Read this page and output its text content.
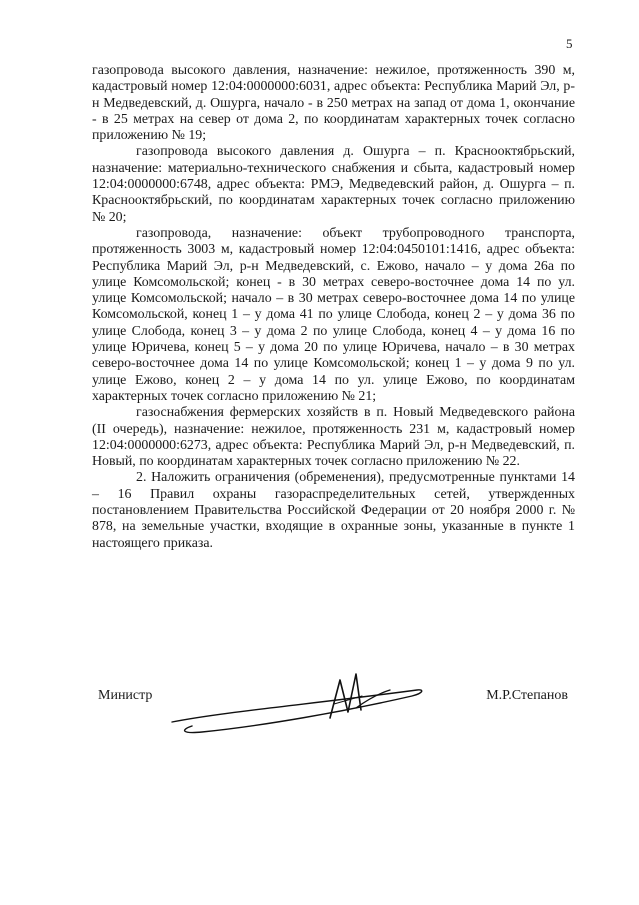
5

газопровода высокого давления, назначение: нежилое, протяженность 390 м, кадастровый номер 12:04:0000000:6031, адрес объекта: Республика Марий Эл, р-н Медведевский, д. Ошурга, начало - в 250 метрах на запад от дома 1, окончание - в 25 метрах на север от дома 2, по координатам характерных точек согласно приложению № 19;

газопровода высокого давления д. Ошурга – п. Краснооктябрьский, назначение: материально-технического снабжения и сбыта, кадастровый номер 12:04:0000000:6748, адрес объекта: РМЭ, Медведевский район, д. Ошурга – п. Краснооктябрьский, по координатам характерных точек согласно приложению № 20;

газопровода, назначение: объект трубопроводного транспорта, протяженность 3003 м, кадастровый номер 12:04:0450101:1416, адрес объекта: Республика Марий Эл, р-н Медведевский, с. Ежово, начало – у дома 26а по улице Комсомольской; конец - в 30 метрах северо-восточнее дома 14 по ул. улице Комсомольской; начало – в 30 метрах северо-восточнее дома 14 по улице Комсомольской, конец 1 – у дома 41 по улице Слобода, конец 2 – у дома 36 по улице Слобода, конец 3 – у дома 2 по улице Слобода, конец 4 – у дома 16 по улице Юричева, конец 5 – у дома 20 по улице Юричева, начало – в 30 метрах северо-восточнее дома 14 по улице Комсомольской; конец 1 – у дома 9 по ул. улице Ежово, конец 2 – у дома 14 по ул. улице Ежово, по координатам характерных точек согласно приложению № 21;

газоснабжения фермерских хозяйств в п. Новый Медведевского района (II очередь), назначение: нежилое, протяженность 231 м, кадастровый номер 12:04:0000000:6273, адрес объекта: Республика Марий Эл, р-н Медведевский, п. Новый, по координатам характерных точек согласно приложению № 22.

2. Наложить ограничения (обременения), предусмотренные пунктами 14 – 16 Правил охраны газораспределительных сетей, утвержденных постановлением Правительства Российской Федерации от 20 ноября 2000 г. № 878, на земельные участки, входящие в охранные зоны, указанные в пункте 1 настоящего приказа.

Министр	М.Р.Степанов
